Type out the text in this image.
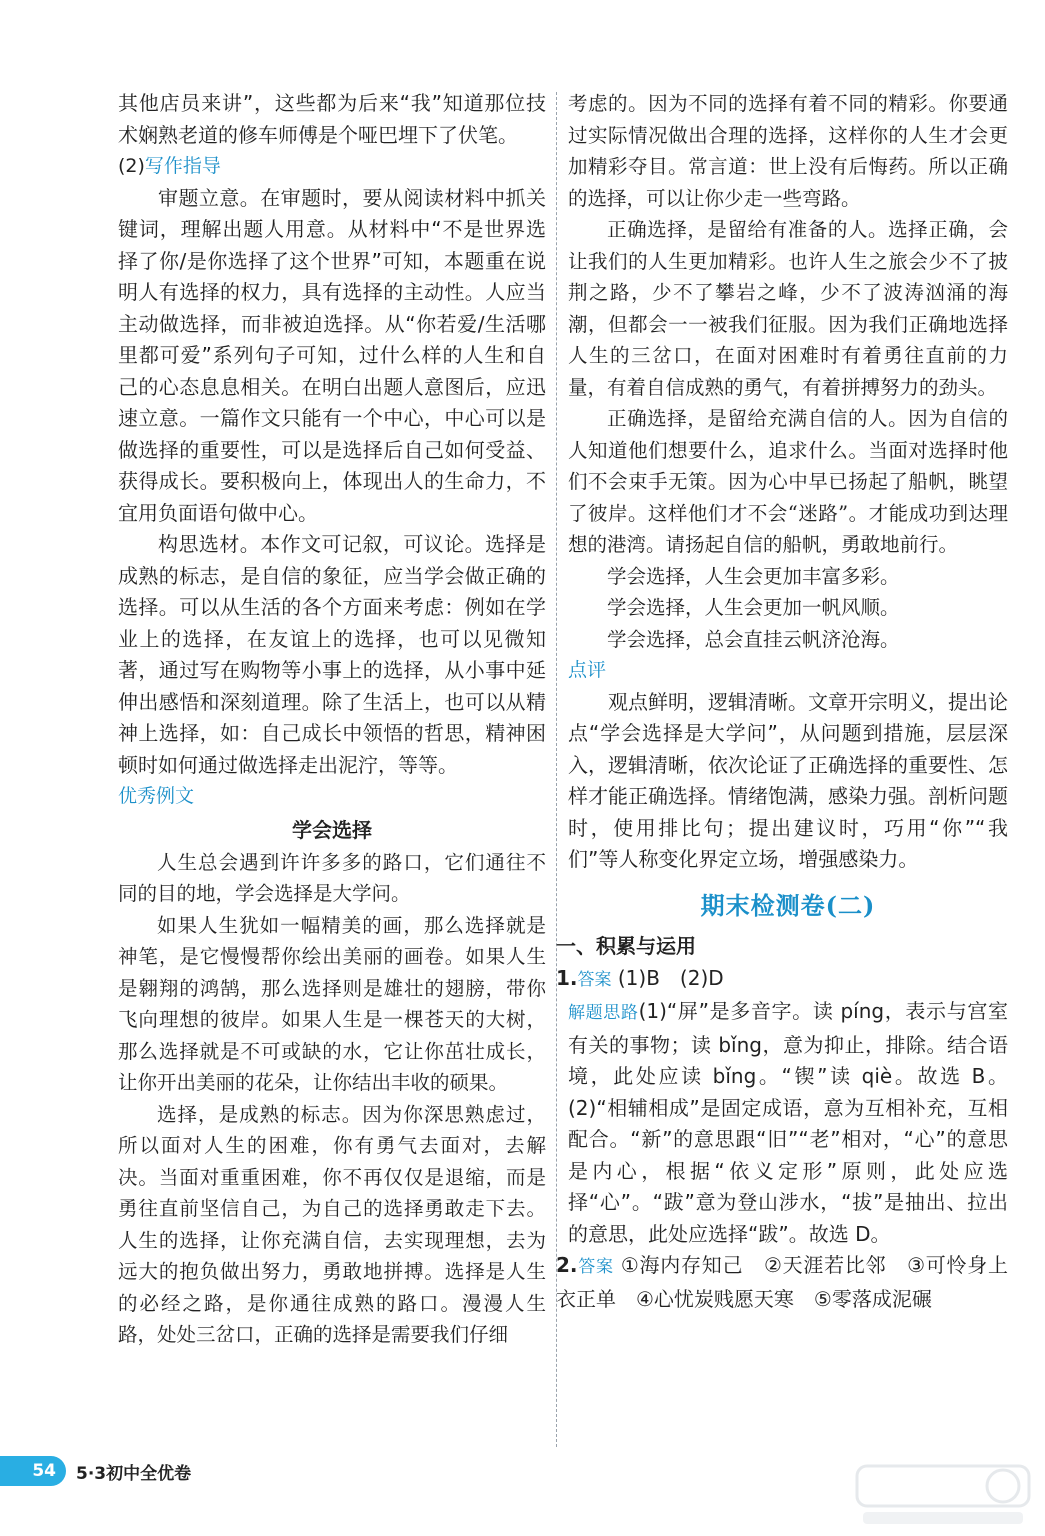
其他店员来讲”，这些都为后来“我”知道那位技术娴熟老道的修车师傅是个哑巴埋下了伏笔。

(2)写作指导

审题立意。在审题时，要从阅读材料中抓关键词，理解出题人用意。从材料中“不是世界选择了你/是你选择了这个世界”可知，本题重在说明人有选择的权力，具有选择的主动性。人应当主动做选择，而非被迫选择。从“你若爱/生活哪里都可爱”系列句子可知，过什么样的人生和自己的心态息息相关。在明白出题人意图后，应迅速立意。一篇作文只能有一个中心，中心可以是做选择的重要性，可以是选择后自己如何受益、获得成长。要积极向上，体现出人的生命力，不宜用负面语句做中心。

构思选材。本作文可记叙，可议论。选择是成熟的标志，是自信的象征，应当学会做正确的选择。可以从生活的各个方面来考虑：例如在学业上的选择，在友谊上的选择，也可以见微知著，通过写在购物等小事上的选择，从小事中延伸出感悟和深刻道理。除了生活上，也可以从精神上选择，如：自己成长中领悟的哲思，精神困顿时如何通过做选择走出泥泞，等等。

优秀例文

学会选择

人生总会遇到许许多多的路口，它们通往不同的目的地，学会选择是大学问。

如果人生犹如一幅精美的画，那么选择就是神笔，是它慢慢帮你绘出美丽的画卷。如果人生是翱翔的鸿鹄，那么选择则是雄壮的翅膀，带你飞向理想的彼岸。如果人生是一棵苍天的大树，那么选择就是不可或缺的水，它让你茁壮成长，让你开出美丽的花朵，让你结出丰收的硕果。

选择，是成熟的标志。因为你深思熟虑过，所以面对人生的困难，你有勇气去面对，去解决。当面对重重困难，你不再仅仅是退缩，而是勇往直前坚信自己，为自己的选择勇敢走下去。人生的选择，让你充满自信，去实现理想，去为远大的抱负做出努力，勇敢地拼搏。选择是人生的必经之路，是你通往成熟的路口。漫漫人生路，处处三岔口，正确的选择是需要我们仔细

考虑的。因为不同的选择有着不同的精彩。你要通过实际情况做出合理的选择，这样你的人生才会更加精彩夺目。常言道：世上没有后悔药。所以正确的选择，可以让你少走一些弯路。

正确选择，是留给有准备的人。选择正确，会让我们的人生更加精彩。也许人生之旅会少不了披荆之路，少不了攀岩之峰，少不了波涛汹涌的海潮，但都会一一被我们征服。因为我们正确地选择人生的三岔口，在面对困难时有着勇往直前的力量，有着自信成熟的勇气，有着拼搏努力的劲头。

正确选择，是留给充满自信的人。因为自信的人知道他们想要什么，追求什么。当面对选择时他们不会束手无策。因为心中早已扬起了船帆，眺望了彼岸。这样他们才不会“迷路”。才能成功到达理想的港湾。请扬起自信的船帆，勇敢地前行。

学会选择，人生会更加丰富多彩。

学会选择，人生会更加一帆风顺。

学会选择，总会直挂云帆济沧海。

点评

观点鲜明，逻辑清晰。文章开宗明义，提出论点“学会选择是大学问”，从问题到措施，层层深入，逻辑清晰，依次论证了正确选择的重要性、怎样才能正确选择。情绪饱满，感染力强。剖析问题时，使用排比句；提出建议时，巧用“你”“我们”等人称变化界定立场，增强感染力。

期末检测卷(二)

一、积累与运用

1.答案 (1)B　(2)D

解题思路(1)“屏”是多音字。读 píng，表示与宫室有关的事物；读 bǐng，意为抑止，排除。结合语境，此处应读 bǐng。“锲”读 qiè。故选 B。(2)“相辅相成”是固定成语，意为互相补充，互相配合。“新”的意思跟“旧”“老”相对，“心”的意思是内心，根据“依义定形”原则，此处应选择“心”。“跋”意为登山涉水，“拔”是抽出、拉出的意思，此处应选择“跋”。故选 D。

2.答案 ①海内存知己　②天涯若比邻　③可怜身上衣正单　④心忧炭贱愿天寒　⑤零落成泥碾

54	5·3初中全优卷
